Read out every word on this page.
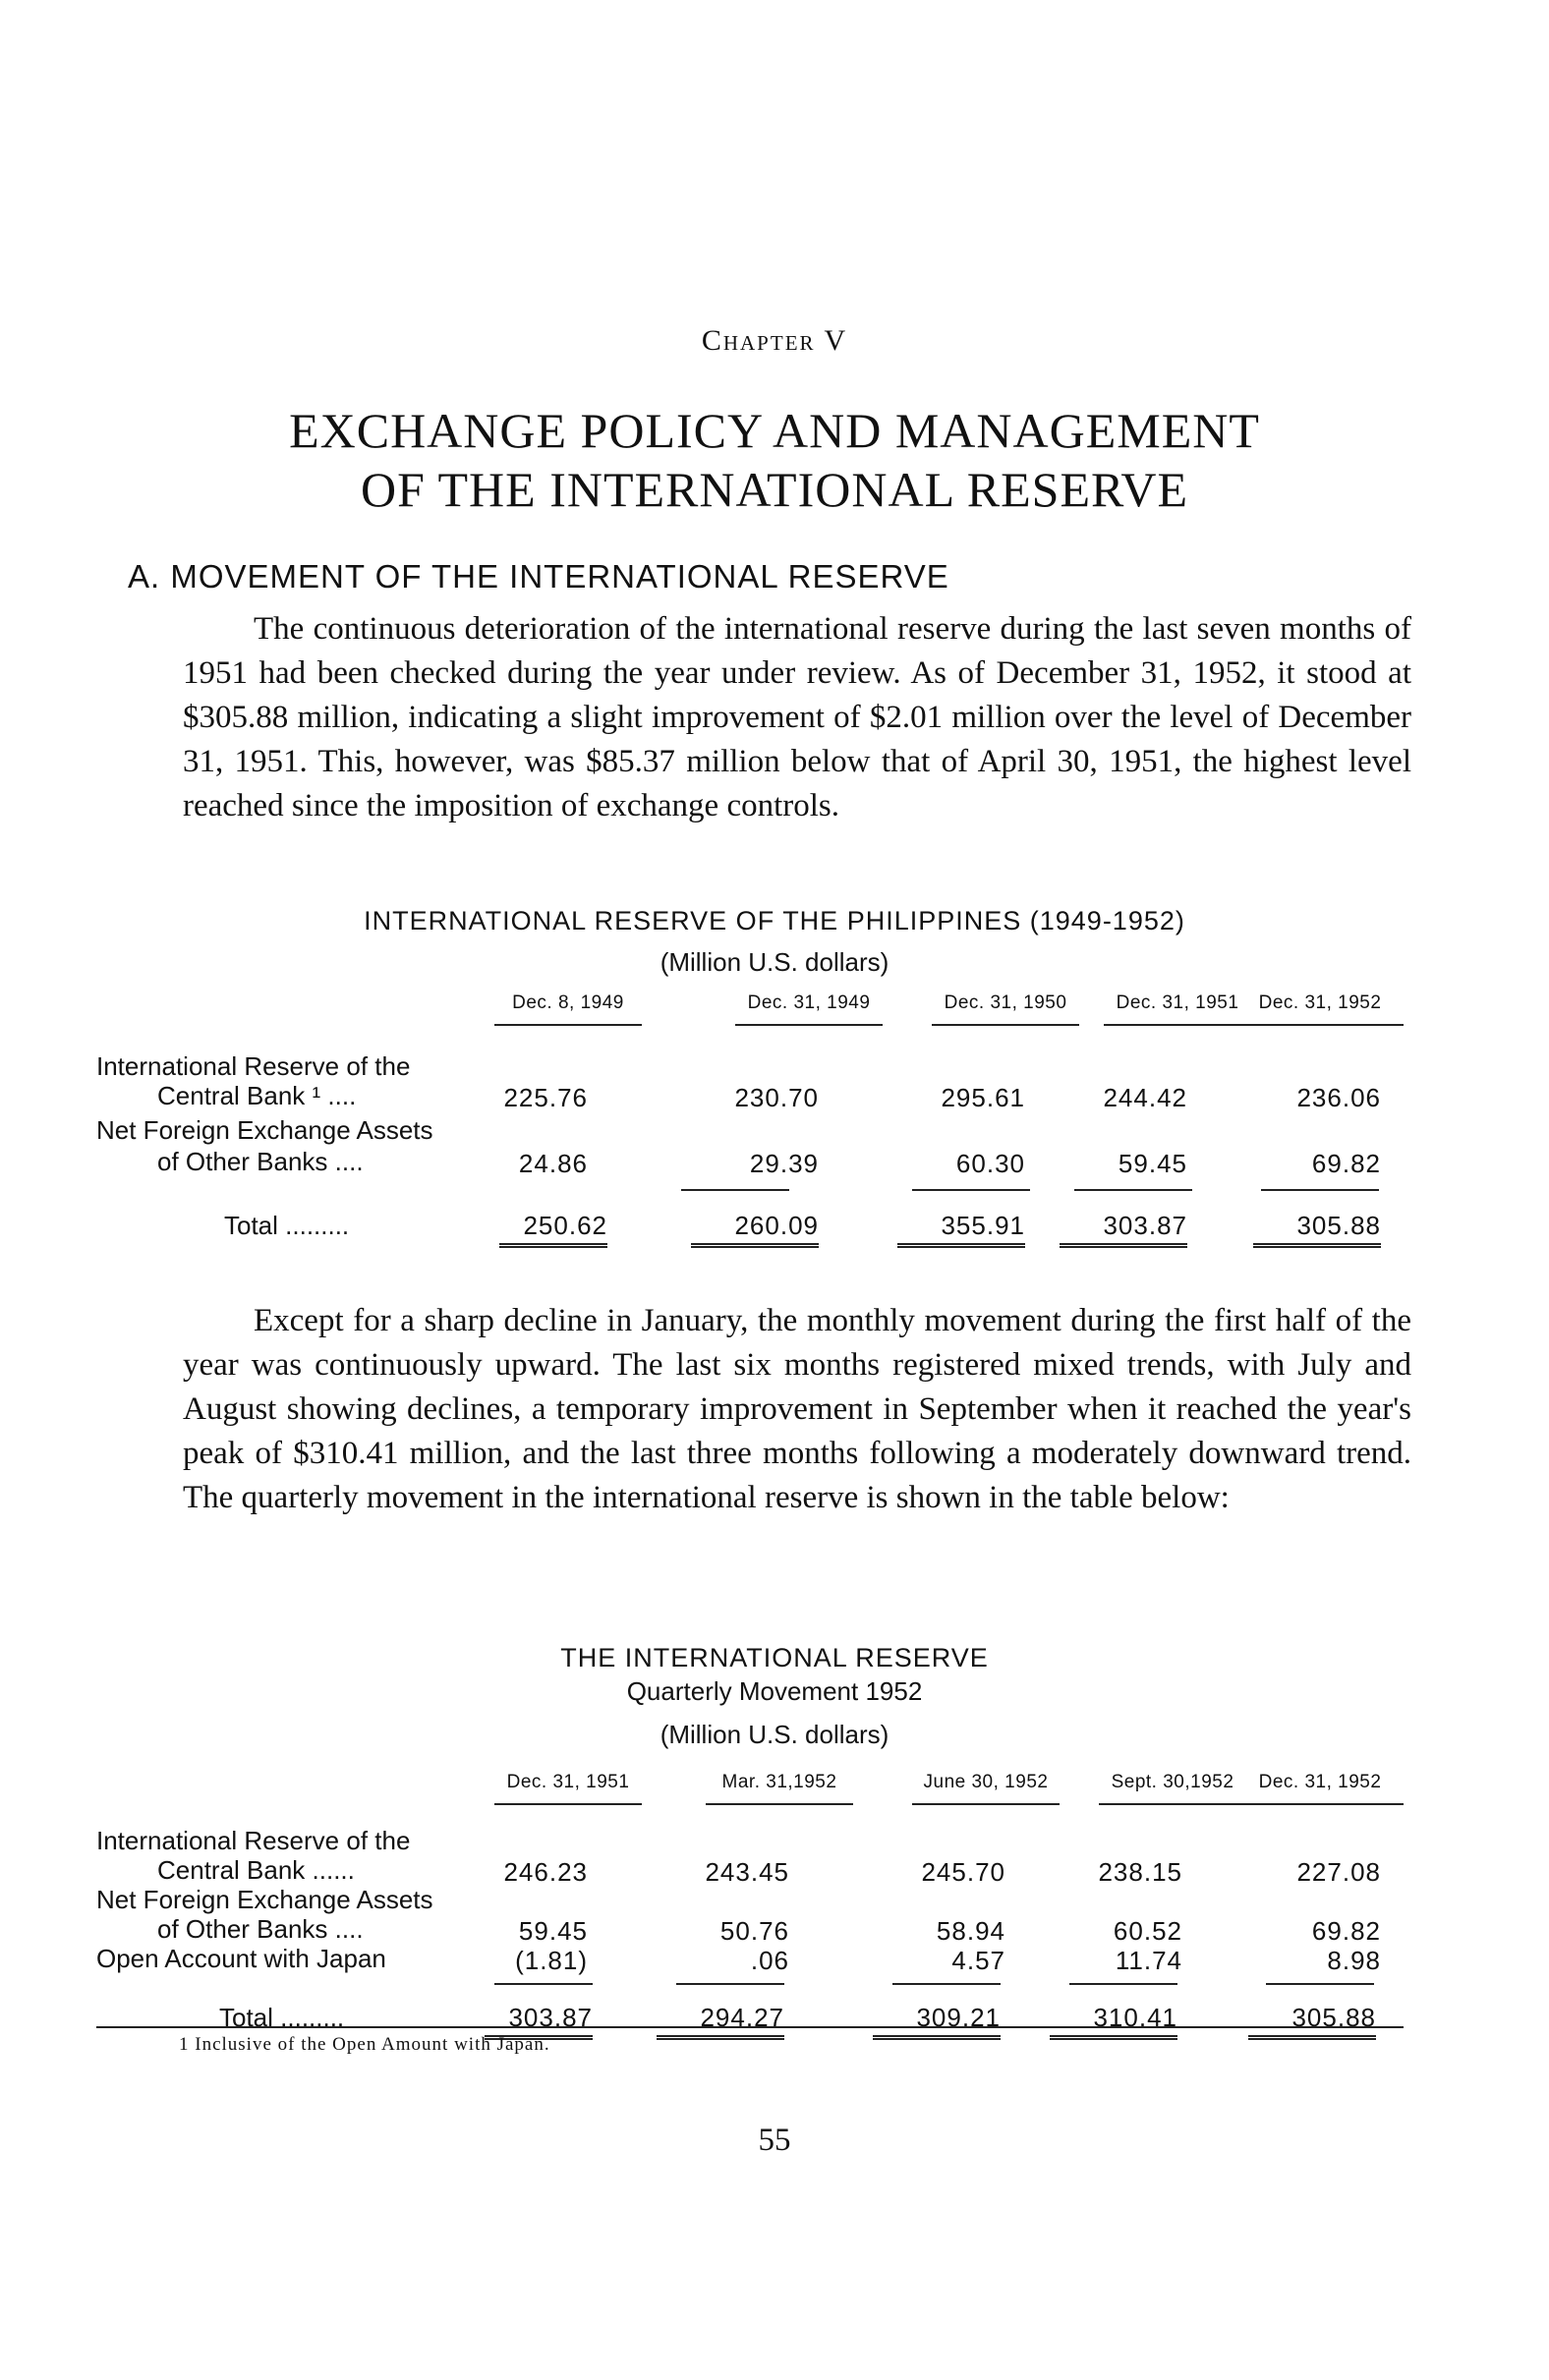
Chapter V
EXCHANGE POLICY AND MANAGEMENT
OF THE INTERNATIONAL RESERVE
A. MOVEMENT OF THE INTERNATIONAL RESERVE

The continuous deterioration of the international reserve during the last seven months of 1951 had been checked during the year under review. As of December 31, 1952, it stood at $305.88 million, indicating a slight improvement of $2.01 million over the level of December 31, 1951. This, however, was $85.37 million below that of April 30, 1951, the highest level reached since the imposition of exchange controls.

INTERNATIONAL RESERVE OF THE PHILIPPINES (1949-1952)
(Million U.S. dollars)
Dec. 8, 1949	Dec. 31, 1949	Dec. 31, 1950	Dec. 31, 1951	Dec. 31, 1952
International Reserve of the
Central Bank ¹ ....	225.76	230.70	295.61	244.42	236.06
Net Foreign Exchange Assets
of Other Banks ....	24.86	29.39	60.30	59.45	69.82
Total .........	250.62	260.09	355.91	303.87	305.88

Except for a sharp decline in January, the monthly movement during the first half of the year was continuously upward. The last six months registered mixed trends, with July and August showing declines, a temporary improvement in September when it reached the year's peak of $310.41 million, and the last three months following a moderately downward trend. The quarterly movement in the international reserve is shown in the table below:

THE INTERNATIONAL RESERVE
Quarterly Movement 1952
(Million U.S. dollars)
Dec. 31, 1951	Mar. 31,1952	June 30, 1952	Sept. 30,1952	Dec. 31, 1952
International Reserve of the
Central Bank ......	246.23	243.45	245.70	238.15	227.08
Net Foreign Exchange Assets
of Other Banks ....	59.45	50.76	58.94	60.52	69.82
Open Account with Japan	(1.81)	.06	4.57	11.74	8.98
Total .........	303.87	294.27	309.21	310.41	305.88
1 Inclusive of the Open Amount with Japan.
55
